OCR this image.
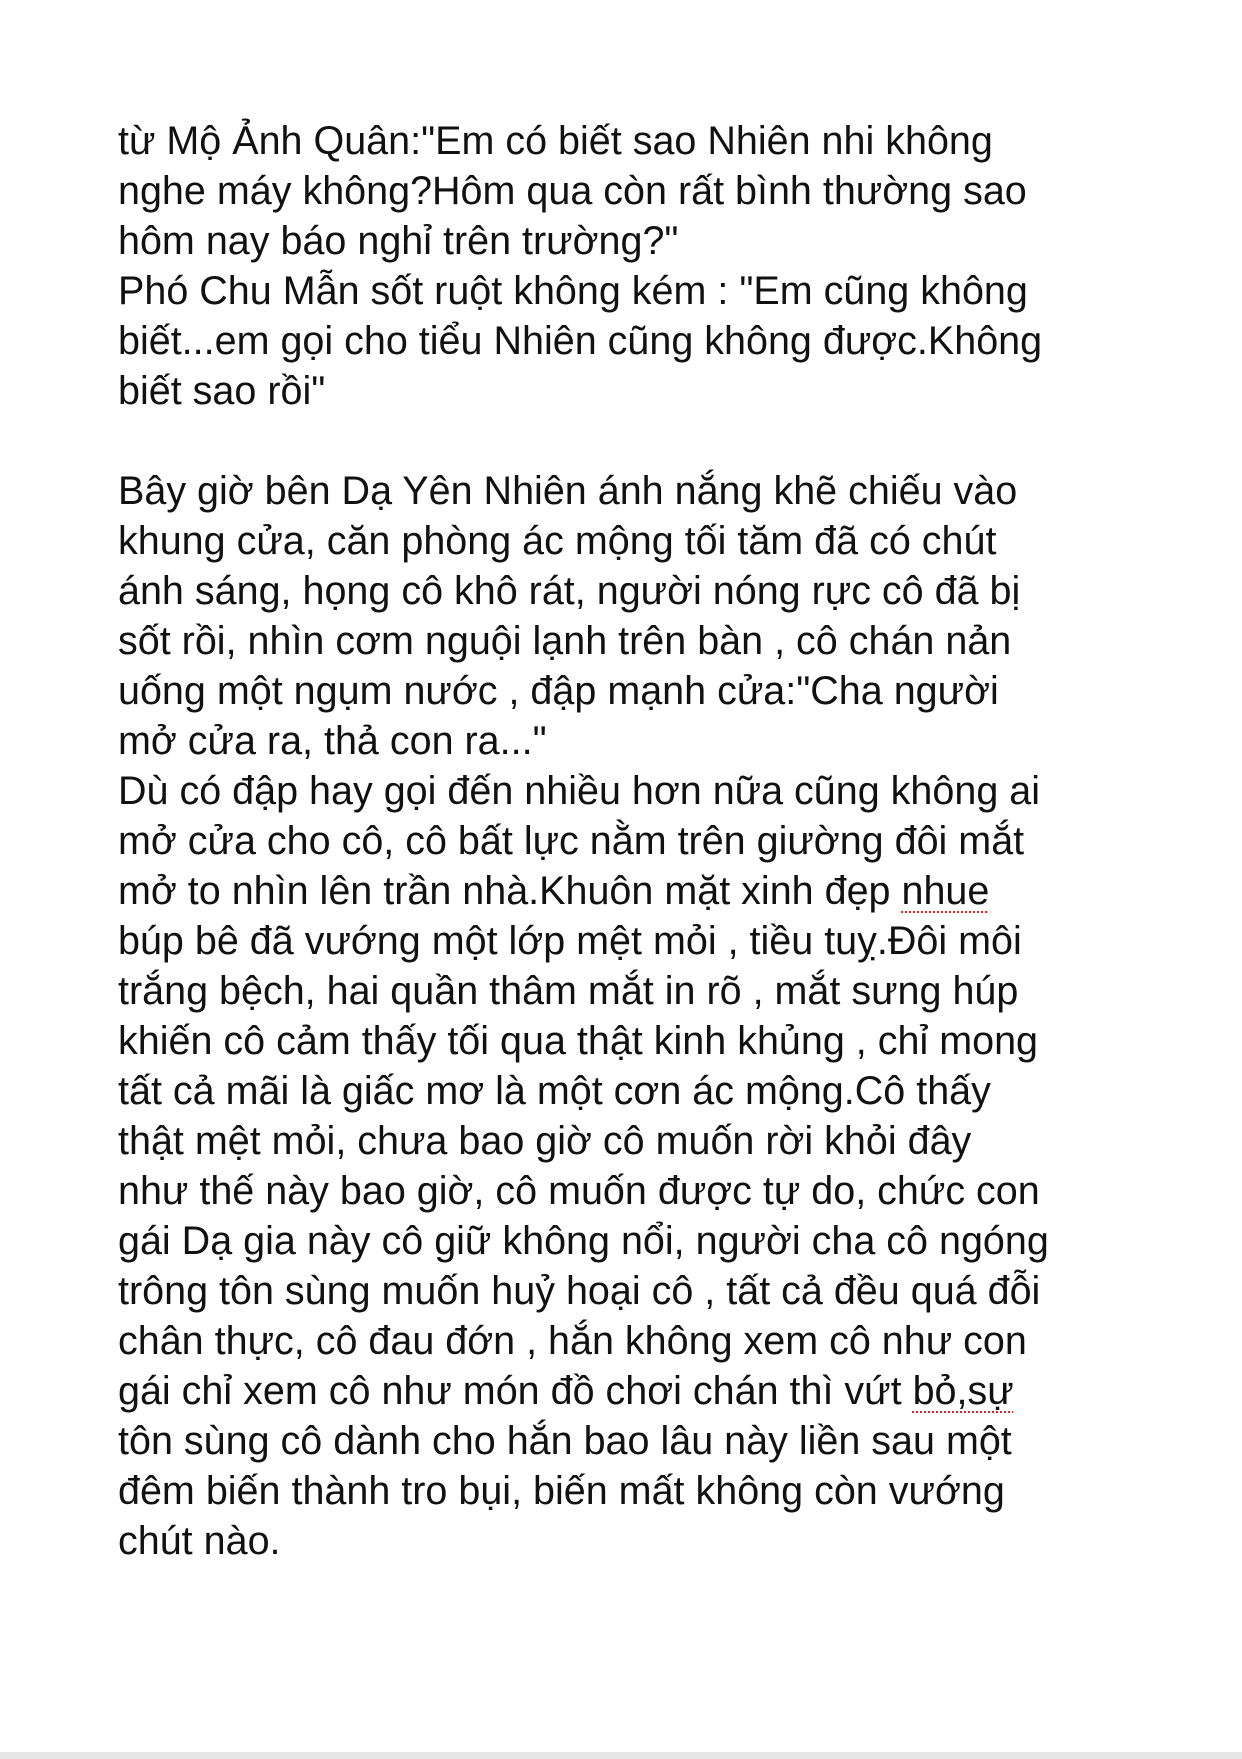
từ Mộ Ảnh Quân:"Em có biết sao Nhiên nhi không
nghe máy không?Hôm qua còn rất bình thường sao
hôm nay báo nghỉ trên trường?"
Phó Chu Mẫn sốt ruột không kém : "Em cũng không
biết...em gọi cho tiểu Nhiên cũng không được.Không
biết sao rồi"
Bây giờ bên Dạ Yên Nhiên ánh nắng khẽ chiếu vào
khung cửa, căn phòng ác mộng tối tăm đã có chút
ánh sáng, họng cô khô rát, người nóng rực cô đã bị
sốt rồi, nhìn cơm nguội lạnh trên bàn , cô chán nản
uống một ngụm nước , đập mạnh cửa:"Cha người
mở cửa ra, thả con ra..."
Dù có đập hay gọi đến nhiều hơn nữa cũng không ai
mở cửa cho cô, cô bất lực nằm trên giường đôi mắt
mở to nhìn lên trần nhà.Khuôn mặt xinh đẹp nhue
búp bê đã vướng một lớp mệt mỏi , tiều tuỵ.Đôi môi
trắng bệch, hai quần thâm mắt in rõ , mắt sưng húp
khiến cô cảm thấy tối qua thật kinh khủng , chỉ mong
tất cả mãi là giấc mơ là một cơn ác mộng.Cô thấy
thật mệt mỏi, chưa bao giờ cô muốn rời khỏi đây
như thế này bao giờ, cô muốn được tự do, chức con
gái Dạ gia này cô giữ không nổi, người cha cô ngóng
trông tôn sùng muốn huỷ hoại cô , tất cả đều quá đỗi
chân thực, cô đau đớn , hắn không xem cô như con
gái chỉ xem cô như món đồ chơi chán thì vứt bỏ,sự
tôn sùng cô dành cho hắn bao lâu này liền sau một
đêm biến thành tro bụi, biến mất không còn vướng
chút nào.
